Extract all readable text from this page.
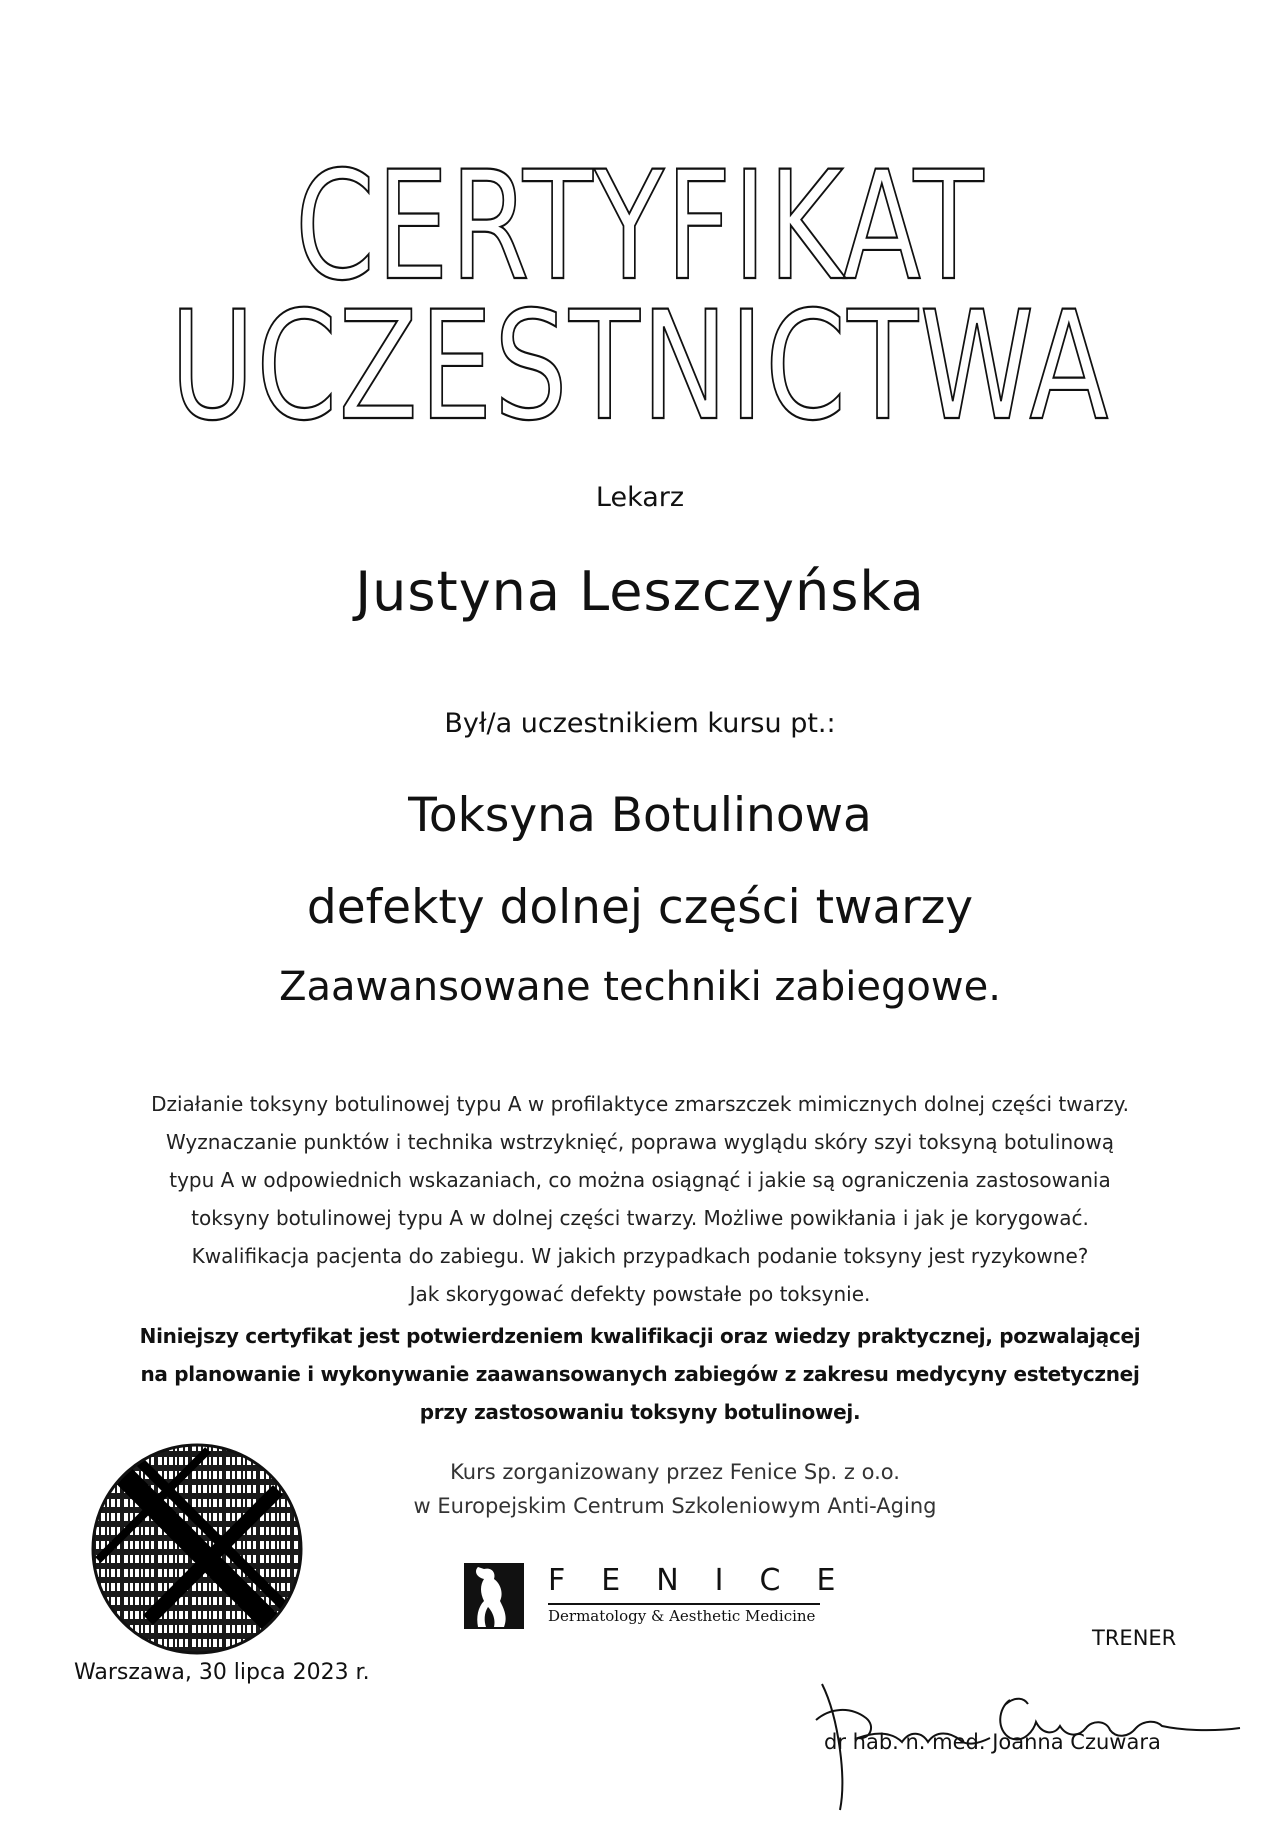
CERTYFIKAT
UCZESTNICTWA
Lekarz
Justyna Leszczyńska
Był/a uczestnikiem kursu pt.:
Toksyna Botulinowa
defekty dolnej części twarzy
Zaawansowane techniki zabiegowe.
Działanie toksyny botulinowej typu A w profilaktyce zmarszczek mimicznych dolnej części twarzy.
Wyznaczanie punktów i technika wstrzyknięć, poprawa wyglądu skóry szyi toksyną botulinową
typu A w odpowiednich wskazaniach, co można osiągnąć i jakie są ograniczenia zastosowania
toksyny botulinowej typu A w dolnej części twarzy. Możliwe powikłania i jak je korygować.
Kwalifikacja pacjenta do zabiegu. W jakich przypadkach podanie toksyny jest ryzykowne?
Jak skorygować defekty powstałe po toksynie.
Niniejszy certyfikat jest potwierdzeniem kwalifikacji oraz wiedzy praktycznej, pozwalającej
na planowanie i wykonywanie zaawansowanych zabiegów z zakresu medycyny estetycznej
przy zastosowaniu toksyny botulinowej.
Kurs zorganizowany przez Fenice Sp. z o.o.
w Europejskim Centrum Szkoleniowym Anti-Aging
FENICE
Dermatology & Aesthetic Medicine
Warszawa, 30 lipca 2023 r.
TRENER
dr hab. n. med. Joanna Czuwara
